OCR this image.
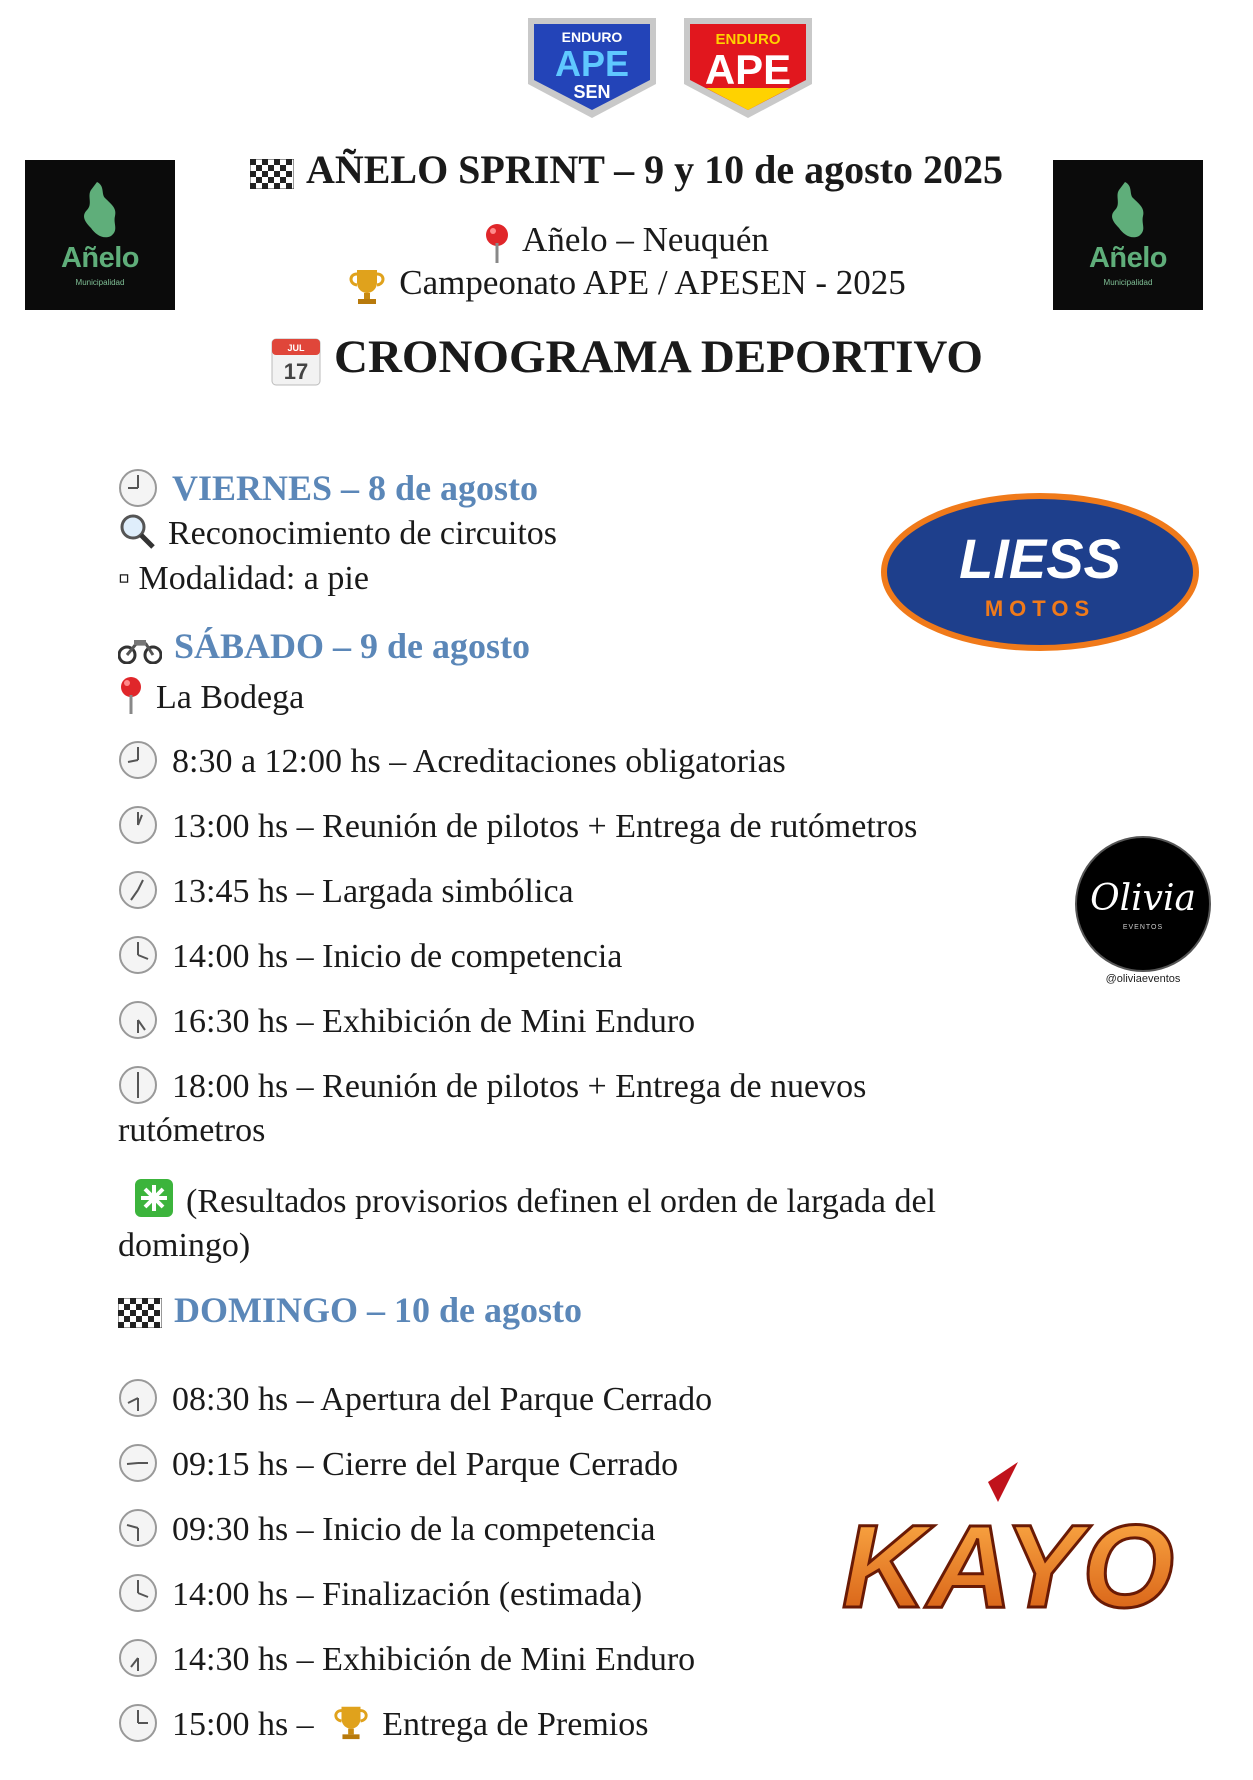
ENDURO
APE
SEN
ENDURO
APE
Añelo
Municipalidad
Añelo
Municipalidad
AÑELO SPRINT – 9 y 10 de agosto 2025
Añelo – Neuquén
Campeonato APE / APESEN - 2025
JUL
17 CRONOGRAMA DEPORTIVO
VIERNES – 8 de agosto
Reconocimiento de circuitos
▫ Modalidad: a pie
SÁBADO – 9 de agosto
La Bodega
8:30 a 12:00 hs – Acreditaciones obligatorias
13:00 hs – Reunión de pilotos + Entrega de rutómetros
13:45 hs – Largada simbólica
14:00 hs – Inicio de competencia
16:30 hs – Exhibición de Mini Enduro
18:00 hs – Reunión de pilotos + Entrega de nuevos rutómetros
(Resultados provisorios definen el orden de largada del domingo)
DOMINGO – 10 de agosto
08:30 hs – Apertura del Parque Cerrado
09:15 hs – Cierre del Parque Cerrado
09:30 hs – Inicio de la competencia
14:00 hs – Finalización (estimada)
14:30 hs – Exhibición de Mini Enduro
15:00 hs – Entrega de Premios
LIESS
MOTOS
Olivia
EVENTOS
@oliviaeventos
KAYO
